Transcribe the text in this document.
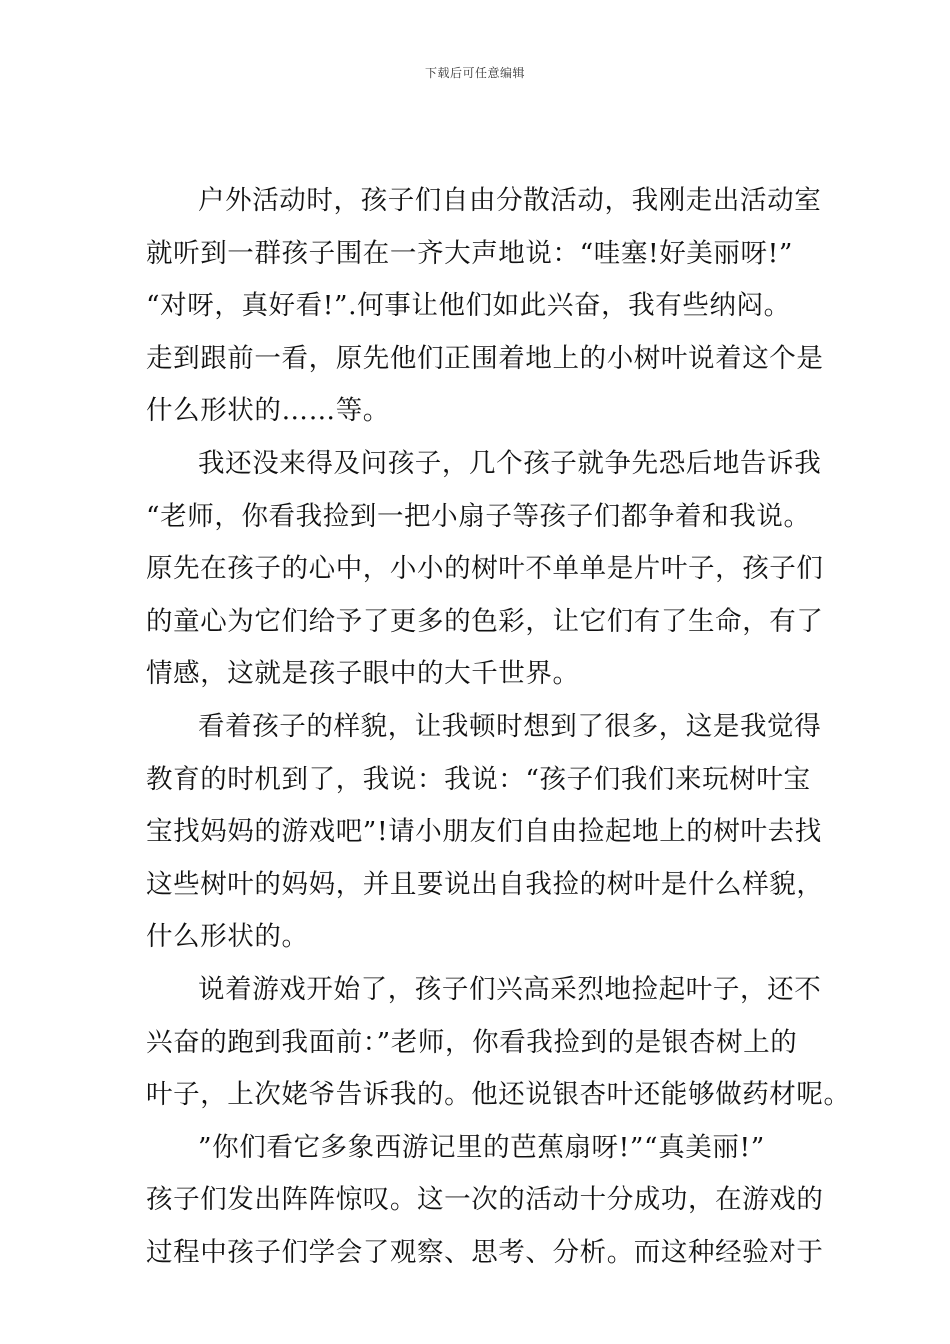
下载后可任意编辑
户外活动时，孩子们自由分散活动，我刚走出活动室
就听到一群孩子围在一齐大声地说：“哇塞!好美丽呀!”
“对呀，真好看!”.何事让他们如此兴奋，我有些纳闷。
走到跟前一看，原先他们正围着地上的小树叶说着这个是
什么形状的……等。
我还没来得及问孩子，几个孩子就争先恐后地告诉我
“老师，你看我捡到一把小扇子等孩子们都争着和我说。
原先在孩子的心中，小小的树叶不单单是片叶子，孩子们
的童心为它们给予了更多的色彩，让它们有了生命，有了
情感，这就是孩子眼中的大千世界。
看着孩子的样貌，让我顿时想到了很多，这是我觉得
教育的时机到了，我说：我说：“孩子们我们来玩树叶宝
宝找妈妈的游戏吧”!请小朋友们自由捡起地上的树叶去找
这些树叶的妈妈，并且要说出自我捡的树叶是什么样貌，
什么形状的。
说着游戏开始了，孩子们兴高采烈地捡起叶子，还不
兴奋的跑到我面前：”老师，你看我捡到的是银杏树上的
叶子，上次姥爷告诉我的。他还说银杏叶还能够做药材呢。
”你们看它多象西游记里的芭蕉扇呀!”“真美丽!”
孩子们发出阵阵惊叹。这一次的活动十分成功，在游戏的
过程中孩子们学会了观察、思考、分析。而这种经验对于
